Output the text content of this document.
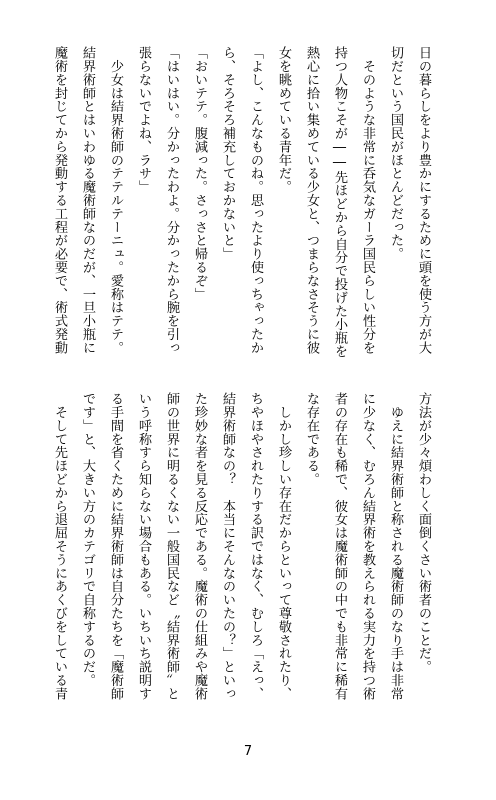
日の暮らしをより豊かにするために頭を使う方が大
切だという国民がほとんどだった。
　そのような非常に呑気なガーラ国民らしい性分を
持つ人物こそが――先ほどから自分で投げた小瓶を
熱心に拾い集めている少女と、つまらなさそうに彼
女を眺めている青年だ。
「よし、こんなものね。思ったより使っちゃったか
ら、そろそろ補充しておかないと」
「おいテテ。腹減った。さっさと帰るぞ」
「はいはい。分かったわよ。分かったから腕を引っ
張らないでよね、ラサ」
　少女は結界術師のテテルテーニュ。愛称はテテ。
結界術師とはいわゆる魔術師なのだが、一旦小瓶に
魔術を封じてから発動する工程が必要で、術式発動
方法が少々煩わしく面倒くさい術者のことだ。
　ゆえに結界術師と称される魔術師のなり手は非常
に少なく、むろん結界術を教えられる実力を持つ術
者の存在も稀で、彼女は魔術師の中でも非常に稀有
な存在である。
　しかし珍しい存在だからといって尊敬されたり、
ちやほやされたりする訳ではなく、むしろ「えっ、
結界術師なの？　本当にそんなのいたの？」といっ
た珍妙な者を見る反応である。魔術の仕組みや魔術
師の世界に明るくない一般国民など〝結界術師〟と
いう呼称すら知らない場合もある。いちいち説明す
る手間を省くために結界術師は自分たちを「魔術師
です」と、大きい方のカテゴリで自称するのだ。
　そして先ほどから退屈そうにあくびをしている青
7
